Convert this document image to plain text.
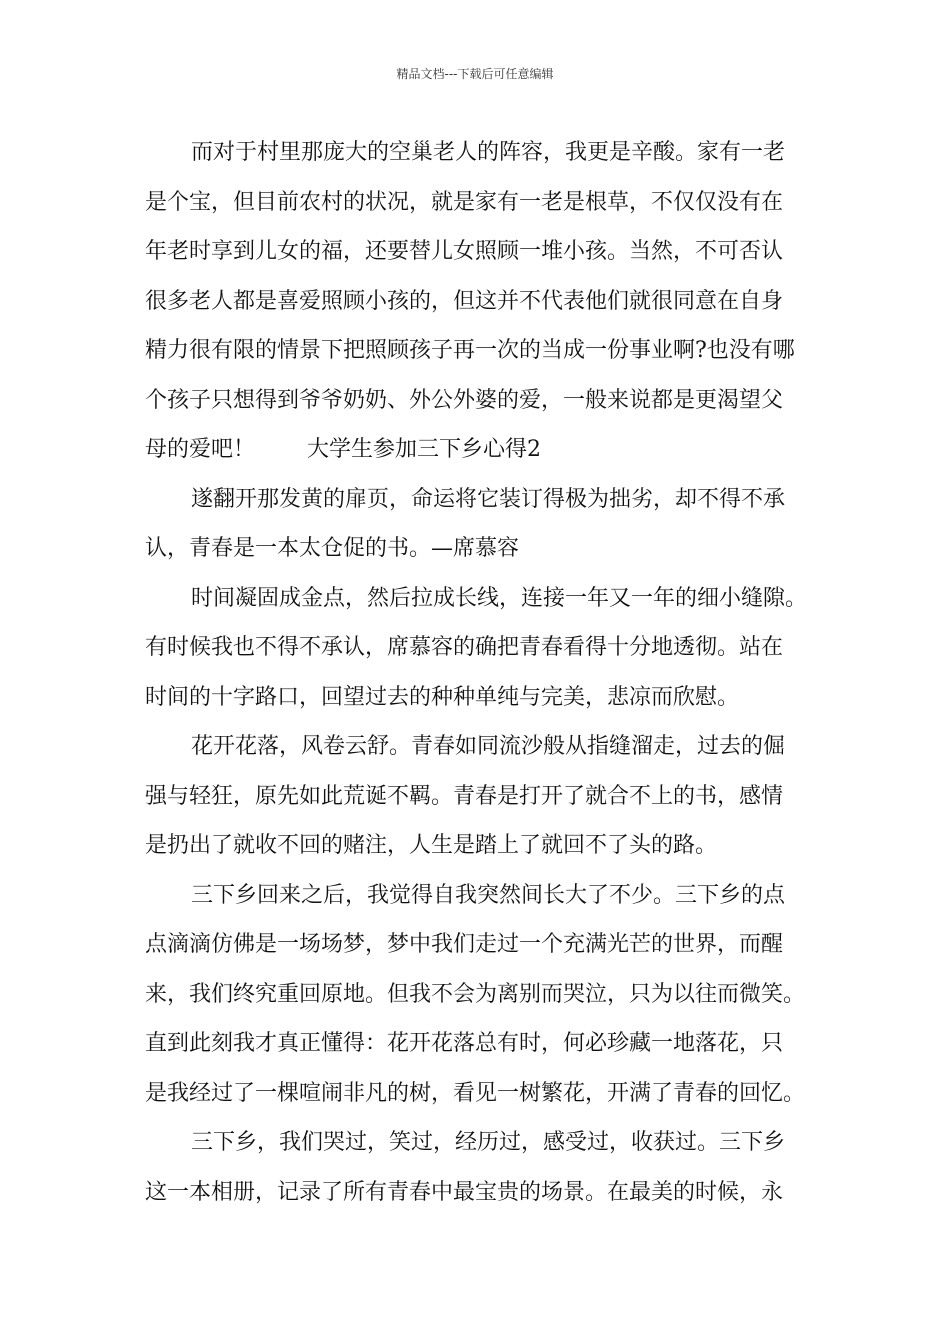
精品文档---下载后可任意编辑
而对于村里那庞大的空巢老人的阵容，我更是辛酸。家有一老
是个宝，但目前农村的状况，就是家有一老是根草，不仅仅没有在
年老时享到儿女的福，还要替儿女照顾一堆小孩。当然，不可否认
很多老人都是喜爱照顾小孩的，但这并不代表他们就很同意在自身
精力很有限的情景下把照顾孩子再一次的当成一份事业啊?也没有哪
个孩子只想得到爷爷奶奶、外公外婆的爱，一般来说都是更渴望父
母的爱吧！ 大学生参加三下乡心得2
遂翻开那发黄的扉页，命运将它装订得极为拙劣，却不得不承
认，青春是一本太仓促的书。—席慕容
时间凝固成金点，然后拉成长线，连接一年又一年的细小缝隙。
有时候我也不得不承认，席慕容的确把青春看得十分地透彻。站在
时间的十字路口，回望过去的种种单纯与完美，悲凉而欣慰。
花开花落，风卷云舒。青春如同流沙般从指缝溜走，过去的倔
强与轻狂，原先如此荒诞不羁。青春是打开了就合不上的书，感情
是扔出了就收不回的赌注，人生是踏上了就回不了头的路。
三下乡回来之后，我觉得自我突然间长大了不少。三下乡的点
点滴滴仿佛是一场场梦，梦中我们走过一个充满光芒的世界，而醒
来，我们终究重回原地。但我不会为离别而哭泣，只为以往而微笑。
直到此刻我才真正懂得：花开花落总有时，何必珍藏一地落花，只
是我经过了一棵喧闹非凡的树，看见一树繁花，开满了青春的回忆。
三下乡，我们哭过，笑过，经历过，感受过，收获过。三下乡
这一本相册，记录了所有青春中最宝贵的场景。在最美的时候，永
